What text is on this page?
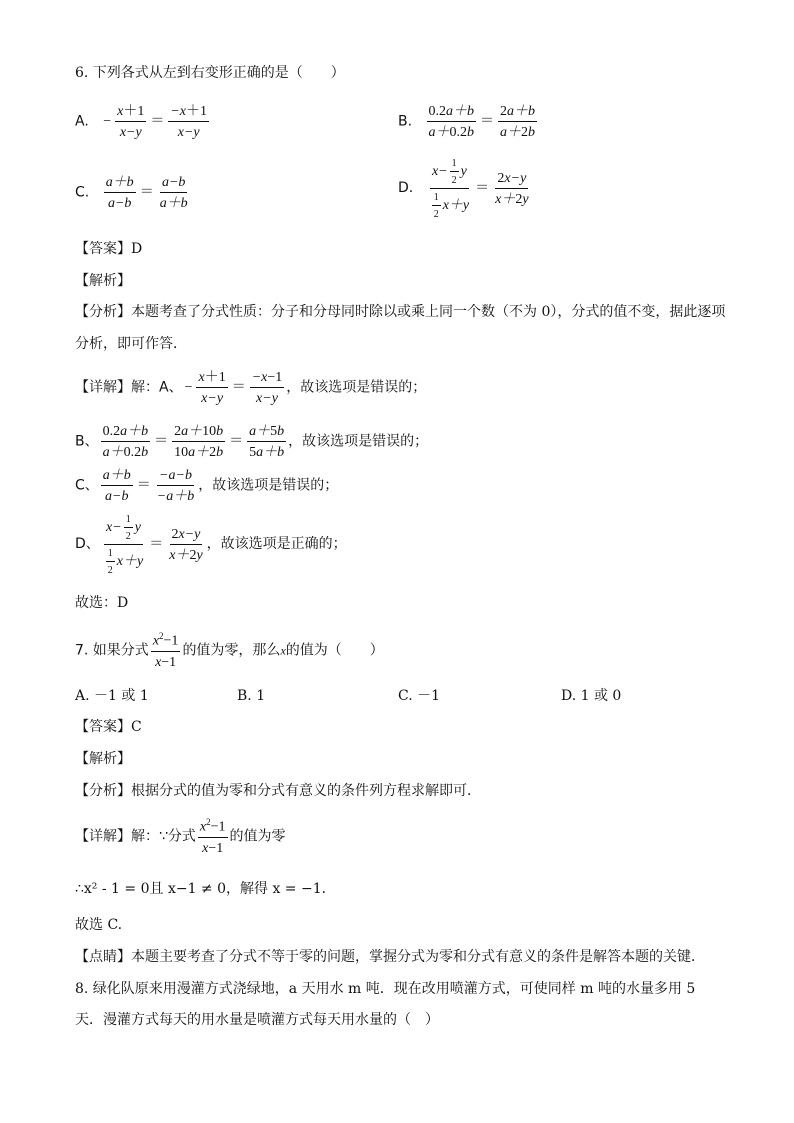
6. 下列各式从左到右变形正确的是（　　）
A. − $\frac{x+1}{x-y} = \frac{-x+1}{x-y}$	B. $\frac{0.2a+b}{a+0.2b} = \frac{2a+b}{a+2b}$
C. $\frac{a+b}{a-b} = \frac{a-b}{a+b}$	D. $\frac{x- \frac{1}{2} y}{\frac{1}{2} x+y} = \frac{2x-y}{x+2y}$
【答案】D
【解析】
【分析】本题考查了分式性质：分子和分母同时除以或乘上同一个数（不为 0），分式的值不变，据此逐项
分析，即可作答．
【详解】解：A、 − $\frac{x+1}{x-y} = \frac{-x-1}{x-y}$ ，故该选项是错误的；
B、 $\frac{0.2a+b}{a+0.2b} = \frac{2a+10b}{10a+2b} = \frac{a+5b}{5a+b}$ ，故该选项是错误的；
C、 $\frac{a+b}{a-b} = \frac{-a-b}{-a+b}$ ，故该选项是错误的；
D、 $\frac{x- \frac{1}{2} y}{\frac{1}{2} x+y} = \frac{2x-y}{x+2y}$ ，故该选项是正确的；
故选：D
7. 如果分式 $\frac{x^2-1}{x-1}$ 的值为零，那么x的值为（　　）
A. －1 或 1	B. 1	C. －1	D. 1 或 0
【答案】C
【解析】
【分析】根据分式的值为零和分式有意义的条件列方程求解即可．
【详解】解：∵分式 $\frac{x^2-1}{x-1}$ 的值为零
∴x² - 1 = 0且 x−1 ≠ 0，解得 x = −1．
故选 C.
【点睛】本题主要考查了分式不等于零的问题，掌握分式为零和分式有意义的条件是解答本题的关键．
8. 绿化队原来用漫灌方式浇绿地，a 天用水 m 吨．现在改用喷灌方式，可使同样 m 吨的水量多用 5
天．漫灌方式每天的用水量是喷灌方式每天用水量的（　）
